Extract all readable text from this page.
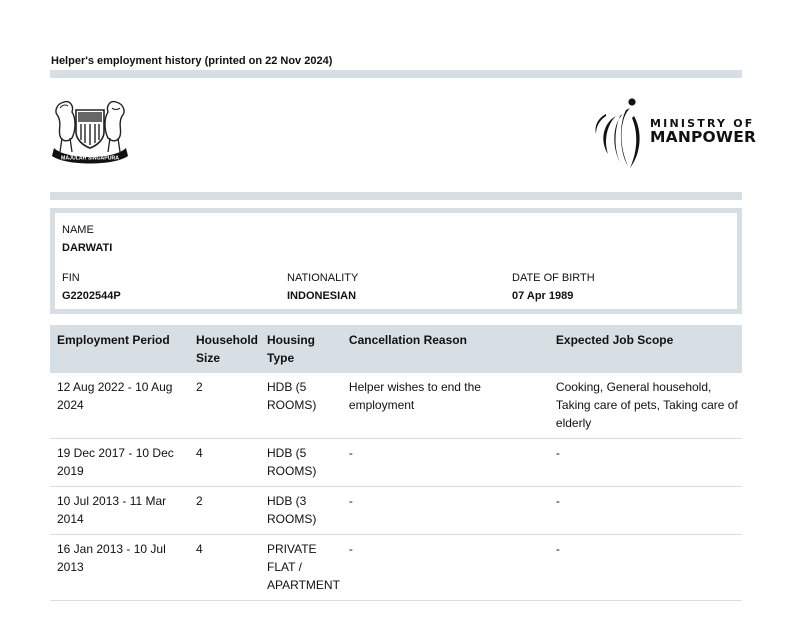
Helper's employment history (printed on 22 Nov 2024)
MAJULAH SINGAPURA
MINISTRY OF
MANPOWER
NAME
DARWATI
FIN
G2202544P
NATIONALITY
INDONESIAN
DATE OF BIRTH
07 Apr 1989
Employment Period	Household Size	Housing Type	Cancellation Reason	Expected Job Scope
12 Aug 2022 - 10 Aug 2024	2	HDB (5 ROOMS)	Helper wishes to end the employment	Cooking, General household, Taking care of pets, Taking care of elderly
19 Dec 2017 - 10 Dec 2019	4	HDB (5 ROOMS)	-	-
10 Jul 2013 - 11 Mar 2014	2	HDB (3 ROOMS)	-	-
16 Jan 2013 - 10 Jul 2013	4	PRIVATE FLAT / APARTMENT	-	-
